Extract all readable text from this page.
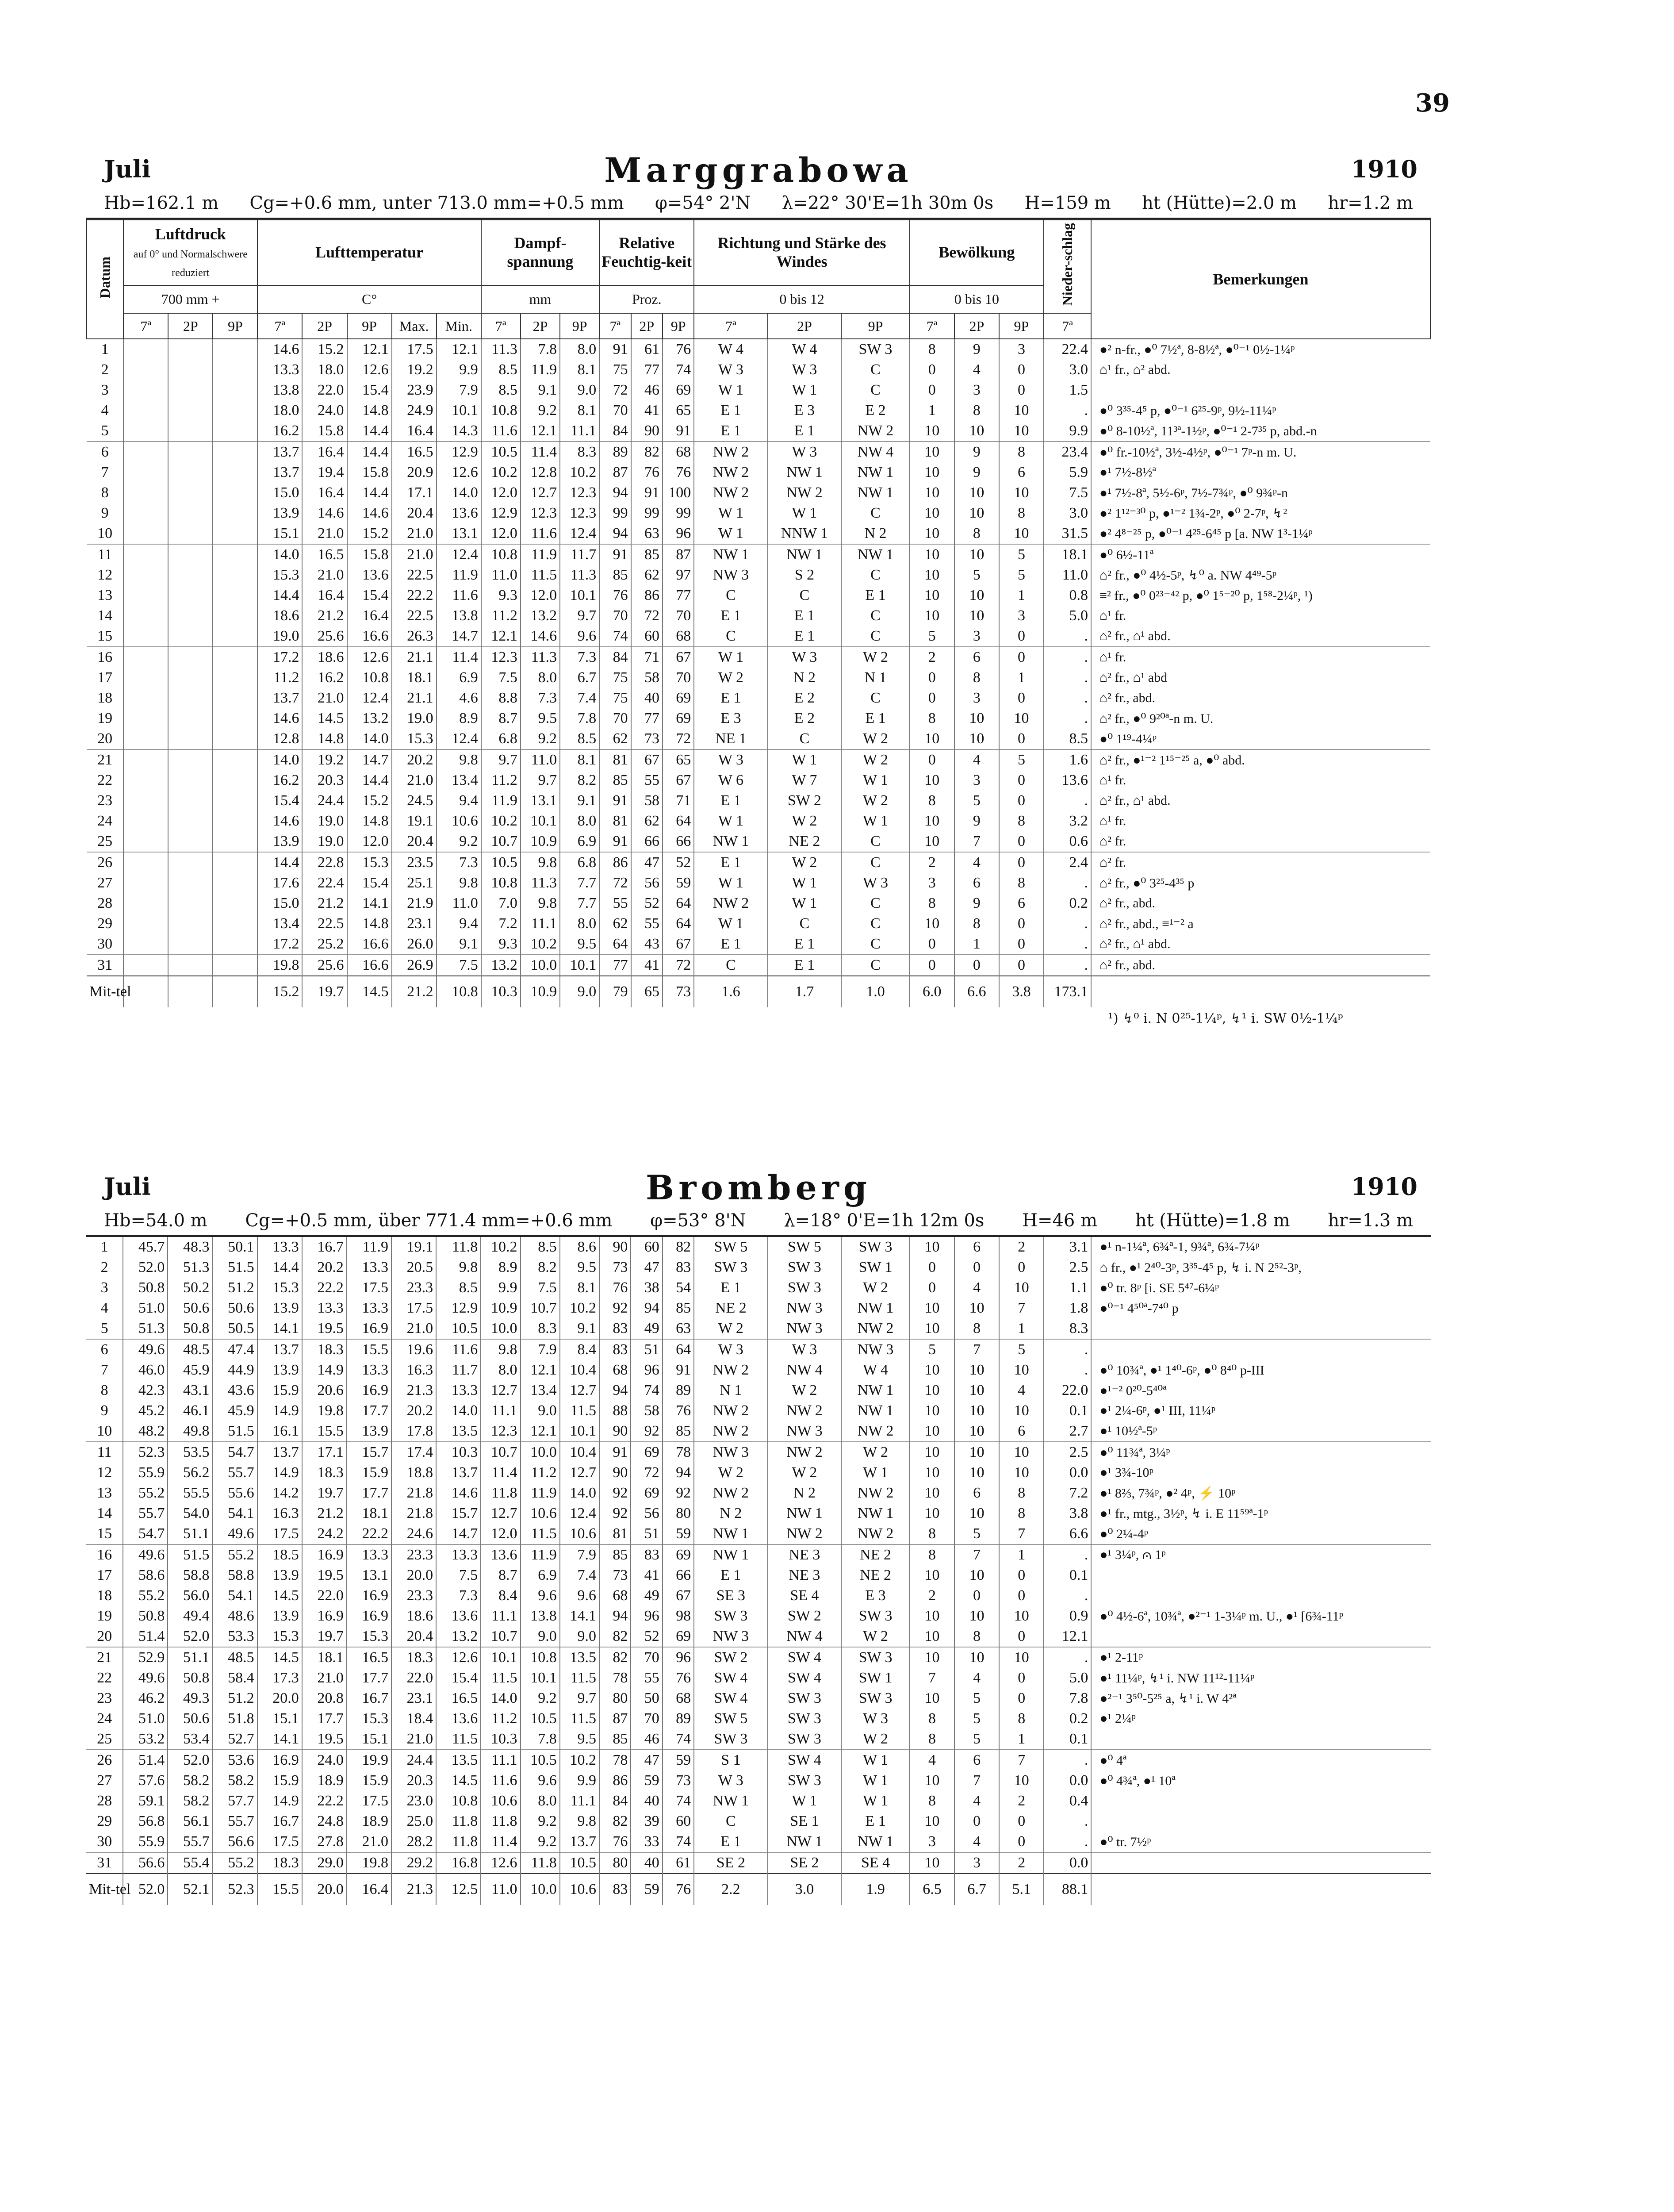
39
Juli	Marggrabowa	1910
Hb=162.1 m Cg=+0.6 mm, unter 713.0 mm=+0.5 mm φ=54° 2'N λ=22° 30'E=1h 30m 0s H=159 m ht (Hütte)=2.0 m hr=1.2 m
Datum	Luftdruck
auf 0° und Normalschwere reduziert			Lufttemperatur					Dampf-spannung			Relative Feuchtig-keit			Richtung und Stärke des Windes			Bewölkung			Nieder-schlag	Bemerkungen
	700 mm +			C°					mm			Proz.			0 bis 12			0 bis 10				
	7ª	2P	9P	7ª	2P	9P	Max.	Min.	7ª	2P	9P	7ª	2P	9P	7ª	2P	9P	7ª	2P	9P	7ª	
1				14.6	15.2	12.1	17.5	12.1	11.3	7.8	8.0	91	61	76	W 4	W 4	SW 3	8	9	3	22.4	●² n-fr., ●⁰ 7½ª, 8-8½ª, ●⁰⁻¹ 0½-1¼ᵖ
2				13.3	18.0	12.6	19.2	9.9	8.5	11.9	8.1	75	77	74	W 3	W 3	C	0	4	0	3.0	⌂¹ fr., ⌂² abd.
3				13.8	22.0	15.4	23.9	7.9	8.5	9.1	9.0	72	46	69	W 1	W 1	C	0	3	0	1.5	
4				18.0	24.0	14.8	24.9	10.1	10.8	9.2	8.1	70	41	65	E 1	E 3	E 2	1	8	10	.	●⁰ 3³⁵-4⁵ p, ●⁰⁻¹ 6²⁵-9ᵖ, 9½-11¼ᵖ
5				16.2	15.8	14.4	16.4	14.3	11.6	12.1	11.1	84	90	91	E 1	E 1	NW 2	10	10	10	9.9	●⁰ 8-10½ª, 11³ª-1½ᵖ, ●⁰⁻¹ 2-7³⁵ p, abd.-n
6				13.7	16.4	14.4	16.5	12.9	10.5	11.4	8.3	89	82	68	NW 2	W 3	NW 4	10	9	8	23.4	●⁰ fr.-10½ª, 3½-4½ᵖ, ●⁰⁻¹ 7ᵖ-n m. U.
7				13.7	19.4	15.8	20.9	12.6	10.2	12.8	10.2	87	76	76	NW 2	NW 1	NW 1	10	9	6	5.9	●¹ 7½-8½ª
8				15.0	16.4	14.4	17.1	14.0	12.0	12.7	12.3	94	91	100	NW 2	NW 2	NW 1	10	10	10	7.5	●¹ 7½-8ª, 5½-6ᵖ, 7½-7¾ᵖ, ●⁰ 9¾ᵖ-n
9				13.9	14.6	14.6	20.4	13.6	12.9	12.3	12.3	99	99	99	W 1	W 1	C	10	10	8	3.0	●² 1¹²⁻³⁰ p, ●¹⁻² 1¾-2ᵖ, ●⁰ 2-7ᵖ, ↯²
10				15.1	21.0	15.2	21.0	13.1	12.0	11.6	12.4	94	63	96	W 1	NNW 1	N 2	10	8	10	31.5	●² 4⁸⁻²⁵ p, ●⁰⁻¹ 4²⁵-6⁴⁵ p [a. NW 1³-1¼ᵖ
11				14.0	16.5	15.8	21.0	12.4	10.8	11.9	11.7	91	85	87	NW 1	NW 1	NW 1	10	10	5	18.1	●⁰ 6½-11ª
12				15.3	21.0	13.6	22.5	11.9	11.0	11.5	11.3	85	62	97	NW 3	S 2	C	10	5	5	11.0	⌂² fr., ●⁰ 4½-5ᵖ, ↯⁰ a. NW 4⁴⁹-5ᵖ
13				14.4	16.4	15.4	22.2	11.6	9.3	12.0	10.1	76	86	77	C	C	E 1	10	10	1	0.8	≡² fr., ●⁰ 0²³⁻⁴² p, ●⁰ 1⁵⁻²⁰ p, 1⁵⁸-2¼ᵖ, ¹)
14				18.6	21.2	16.4	22.5	13.8	11.2	13.2	9.7	70	72	70	E 1	E 1	C	10	10	3	5.0	⌂¹ fr.
15				19.0	25.6	16.6	26.3	14.7	12.1	14.6	9.6	74	60	68	C	E 1	C	5	3	0	.	⌂² fr., ⌂¹ abd.
16				17.2	18.6	12.6	21.1	11.4	12.3	11.3	7.3	84	71	67	W 1	W 3	W 2	2	6	0	.	⌂¹ fr.
17				11.2	16.2	10.8	18.1	6.9	7.5	8.0	6.7	75	58	70	W 2	N 2	N 1	0	8	1	.	⌂² fr., ⌂¹ abd
18				13.7	21.0	12.4	21.1	4.6	8.8	7.3	7.4	75	40	69	E 1	E 2	C	0	3	0	.	⌂² fr., abd.
19				14.6	14.5	13.2	19.0	8.9	8.7	9.5	7.8	70	77	69	E 3	E 2	E 1	8	10	10	.	⌂² fr., ●⁰ 9²⁰ª-n m. U.
20				12.8	14.8	14.0	15.3	12.4	6.8	9.2	8.5	62	73	72	NE 1	C	W 2	10	10	0	8.5	●⁰ 1¹⁹-4¼ᵖ
21				14.0	19.2	14.7	20.2	9.8	9.7	11.0	8.1	81	67	65	W 3	W 1	W 2	0	4	5	1.6	⌂² fr., ●¹⁻² 1¹⁵⁻²⁵ a, ●⁰ abd.
22				16.2	20.3	14.4	21.0	13.4	11.2	9.7	8.2	85	55	67	W 6	W 7	W 1	10	3	0	13.6	⌂¹ fr.
23				15.4	24.4	15.2	24.5	9.4	11.9	13.1	9.1	91	58	71	E 1	SW 2	W 2	8	5	0	.	⌂² fr., ⌂¹ abd.
24				14.6	19.0	14.8	19.1	10.6	10.2	10.1	8.0	81	62	64	W 1	W 2	W 1	10	9	8	3.2	⌂¹ fr.
25				13.9	19.0	12.0	20.4	9.2	10.7	10.9	6.9	91	66	66	NW 1	NE 2	C	10	7	0	0.6	⌂² fr.
26				14.4	22.8	15.3	23.5	7.3	10.5	9.8	6.8	86	47	52	E 1	W 2	C	2	4	0	2.4	⌂² fr.
27				17.6	22.4	15.4	25.1	9.8	10.8	11.3	7.7	72	56	59	W 1	W 1	W 3	3	6	8	.	⌂² fr., ●⁰ 3²⁵-4³⁵ p
28				15.0	21.2	14.1	21.9	11.0	7.0	9.8	7.7	55	52	64	NW 2	W 1	C	8	9	6	0.2	⌂² fr., abd.
29				13.4	22.5	14.8	23.1	9.4	7.2	11.1	8.0	62	55	64	W 1	C	C	10	8	0	.	⌂² fr., abd., ≡¹⁻² a
30				17.2	25.2	16.6	26.0	9.1	9.3	10.2	9.5	64	43	67	E 1	E 1	C	0	1	0	.	⌂² fr., ⌂¹ abd.
31				19.8	25.6	16.6	26.9	7.5	13.2	10.0	10.1	77	41	72	C	E 1	C	0	0	0	.	⌂² fr., abd.
Mit-tel				15.2	19.7	14.5	21.2	10.8	10.3	10.9	9.0	79	65	73	1.6	1.7	1.0	6.0	6.6	3.8	173.1	
¹) ↯⁰ i. N 0²⁵-1¼ᵖ, ↯¹ i. SW 0½-1¼ᵖ
Juli	Bromberg	1910
Hb=54.0 m Cg=+0.5 mm, über 771.4 mm=+0.6 mm φ=53° 8'N λ=18° 0'E=1h 12m 0s H=46 m ht (Hütte)=1.8 m hr=1.3 m
1	45.7	48.3	50.1	13.3	16.7	11.9	19.1	11.8	10.2	8.5	8.6	90	60	82	SW 5	SW 5	SW 3	10	6	2	3.1	●¹ n-1¼ª, 6¾ª-1, 9¾ª, 6¾-7¼ᵖ
2	52.0	51.3	51.5	14.4	20.2	13.3	20.5	9.8	8.9	8.2	9.5	73	47	83	SW 3	SW 3	SW 1	0	0	0	2.5	⌂ fr., ●¹ 2⁴⁰-3ᵖ, 3³⁵-4⁵ p, ↯ i. N 2⁵²-3ᵖ,
3	50.8	50.2	51.2	15.3	22.2	17.5	23.3	8.5	9.9	7.5	8.1	76	38	54	E 1	SW 3	W 2	0	4	10	1.1	●⁰ tr. 8ᵖ [i. SE 5⁴⁷-6¼ᵖ
4	51.0	50.6	50.6	13.9	13.3	13.3	17.5	12.9	10.9	10.7	10.2	92	94	85	NE 2	NW 3	NW 1	10	10	7	1.8	●⁰⁻¹ 4⁵⁰ª-7⁴⁰ p
5	51.3	50.8	50.5	14.1	19.5	16.9	21.0	10.5	10.0	8.3	9.1	83	49	63	W 2	NW 3	NW 2	10	8	1	8.3	
6	49.6	48.5	47.4	13.7	18.3	15.5	19.6	11.6	9.8	7.9	8.4	83	51	64	W 3	W 3	NW 3	5	7	5	.	
7	46.0	45.9	44.9	13.9	14.9	13.3	16.3	11.7	8.0	12.1	10.4	68	96	91	NW 2	NW 4	W 4	10	10	10	.	●⁰ 10¾ª, ●¹ 1⁴⁰-6ᵖ, ●⁰ 8⁴⁰ p-III
8	42.3	43.1	43.6	15.9	20.6	16.9	21.3	13.3	12.7	13.4	12.7	94	74	89	N 1	W 2	NW 1	10	10	4	22.0	●¹⁻² 0²⁰-5⁴⁰ª
9	45.2	46.1	45.9	14.9	19.8	17.7	20.2	14.0	11.1	9.0	11.5	88	58	76	NW 2	NW 2	NW 1	10	10	10	0.1	●¹ 2¼-6ᵖ, ●¹ III, 11¼ᵖ
10	48.2	49.8	51.5	16.1	15.5	13.9	17.8	13.5	12.3	12.1	10.1	90	92	85	NW 2	NW 3	NW 2	10	10	6	2.7	●¹ 10½ª-5ᵖ
11	52.3	53.5	54.7	13.7	17.1	15.7	17.4	10.3	10.7	10.0	10.4	91	69	78	NW 3	NW 2	W 2	10	10	10	2.5	●⁰ 11¾ª, 3¼ᵖ
12	55.9	56.2	55.7	14.9	18.3	15.9	18.8	13.7	11.4	11.2	12.7	90	72	94	W 2	W 2	W 1	10	10	10	0.0	●¹ 3¾-10ᵖ
13	55.2	55.5	55.6	14.2	19.7	17.7	21.8	14.6	11.8	11.9	14.0	92	69	92	NW 2	N 2	NW 2	10	6	8	7.2	●¹ 8⅔, 7¾ᵖ, ●² 4ᵖ, ⚡ 10ᵖ
14	55.7	54.0	54.1	16.3	21.2	18.1	21.8	15.7	12.7	10.6	12.4	92	56	80	N 2	NW 1	NW 1	10	10	8	3.8	●¹ fr., mtg., 3½ᵖ, ↯ i. E 11⁵⁹ª-1ᵖ
15	54.7	51.1	49.6	17.5	24.2	22.2	24.6	14.7	12.0	11.5	10.6	81	51	59	NW 1	NW 2	NW 2	8	5	7	6.6	●⁰ 2¼-4ᵖ
16	49.6	51.5	55.2	18.5	16.9	13.3	23.3	13.3	13.6	11.9	7.9	85	83	69	NW 1	NE 3	NE 2	8	7	1	.	●¹ 3¼ᵖ, ⩀ 1ᵖ
17	58.6	58.8	58.8	13.9	19.5	13.1	20.0	7.5	8.7	6.9	7.4	73	41	66	E 1	NE 3	NE 2	10	10	0	0.1	
18	55.2	56.0	54.1	14.5	22.0	16.9	23.3	7.3	8.4	9.6	9.6	68	49	67	SE 3	SE 4	E 3	2	0	0	.	
19	50.8	49.4	48.6	13.9	16.9	16.9	18.6	13.6	11.1	13.8	14.1	94	96	98	SW 3	SW 2	SW 3	10	10	10	0.9	●⁰ 4½-6ª, 10¾ª, ●²⁻¹ 1-3¼ᵖ m. U., ●¹ [6¾-11ᵖ
20	51.4	52.0	53.3	15.3	19.7	15.3	20.4	13.2	10.7	9.0	9.0	82	52	69	NW 3	NW 4	W 2	10	8	0	12.1	
21	52.9	51.1	48.5	14.5	18.1	16.5	18.3	12.6	10.1	10.8	13.5	82	70	96	SW 2	SW 4	SW 3	10	10	10	.	●¹ 2-11ᵖ
22	49.6	50.8	58.4	17.3	21.0	17.7	22.0	15.4	11.5	10.1	11.5	78	55	76	SW 4	SW 4	SW 1	7	4	0	5.0	●¹ 11¼ᵖ, ↯¹ i. NW 11¹²-11¼ᵖ
23	46.2	49.3	51.2	20.0	20.8	16.7	23.1	16.5	14.0	9.2	9.7	80	50	68	SW 4	SW 3	SW 3	10	5	0	7.8	●²⁻¹ 3⁵⁰-5²⁵ a, ↯¹ i. W 4²ª
24	51.0	50.6	51.8	15.1	17.7	15.3	18.4	13.6	11.2	10.5	11.5	87	70	89	SW 5	SW 3	W 3	8	5	8	0.2	●¹ 2¼ᵖ
25	53.2	53.4	52.7	14.1	19.5	15.1	21.0	11.5	10.3	7.8	9.5	85	46	74	SW 3	SW 3	W 2	8	5	1	0.1	
26	51.4	52.0	53.6	16.9	24.0	19.9	24.4	13.5	11.1	10.5	10.2	78	47	59	S 1	SW 4	W 1	4	6	7	.	●⁰ 4ª
27	57.6	58.2	58.2	15.9	18.9	15.9	20.3	14.5	11.6	9.6	9.9	86	59	73	W 3	SW 3	W 1	10	7	10	0.0	●⁰ 4¾ª, ●¹ 10ª
28	59.1	58.2	57.7	14.9	22.2	17.5	23.0	10.8	10.6	8.0	11.1	84	40	74	NW 1	W 1	W 1	8	4	2	0.4	
29	56.8	56.1	55.7	16.7	24.8	18.9	25.0	11.8	11.8	9.2	9.8	82	39	60	C	SE 1	E 1	10	0	0	.	
30	55.9	55.7	56.6	17.5	27.8	21.0	28.2	11.8	11.4	9.2	13.7	76	33	74	E 1	NW 1	NW 1	3	4	0	.	●⁰ tr. 7½ᵖ
31	56.6	55.4	55.2	18.3	29.0	19.8	29.2	16.8	12.6	11.8	10.5	80	40	61	SE 2	SE 2	SE 4	10	3	2	0.0	
Mit-tel	52.0	52.1	52.3	15.5	20.0	16.4	21.3	12.5	11.0	10.0	10.6	83	59	76	2.2	3.0	1.9	6.5	6.7	5.1	88.1	
